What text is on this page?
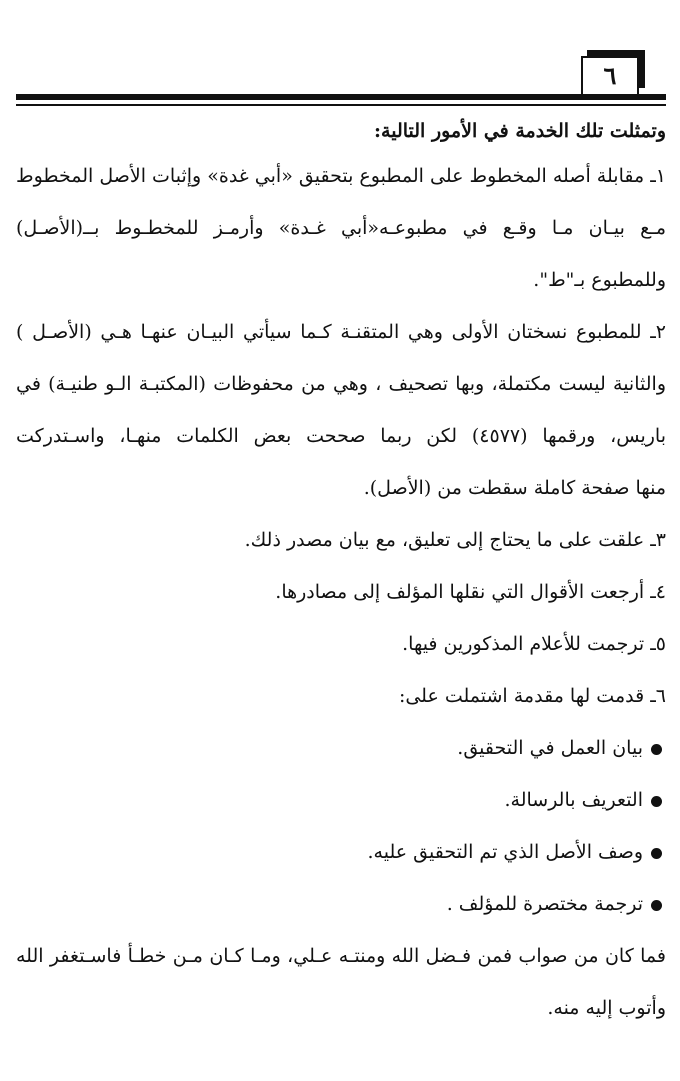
٦
وتمثلت تلك الخدمة في الأمور التالية:
١ـ مقابلة أصله المخطوط على المطبوع بتحقيق «أبي غدة» وإثبات الأصل المخطوط
مـع بيـان مـا وقـع في مطبوعـه«أبي غـدة» وأرمـز للمخطـوط بــ(الأصـل)
وللمطبوع بـ"ط".
٢ـ للمطبوع نسختان الأولى وهي المتقنـة كـما سيأتي البيـان عنهـا هـي (الأصـل )
والثانية ليست مكتملة، وبها تصحيف ، وهي من محفوظات (المكتبـة الـو طنيـة) في
باريس، ورقمها (٤٥٧٧) لكن ربما صححت بعض الكلمات منهـا، واسـتدركت
منها صفحة كاملة سقطت من (الأصل).
٣ـ علقت على ما يحتاج إلى تعليق، مع بيان مصدر ذلك.
٤ـ أرجعت الأقوال التي نقلها المؤلف إلى مصادرها.
٥ـ ترجمت للأعلام المذكورين فيها.
٦ـ قدمت لها مقدمة اشتملت على:
بيان العمل في التحقيق.
التعريف بالرسالة.
وصف الأصل الذي تم التحقيق عليه.
ترجمة مختصرة للمؤلف .
فما كان من صواب فمن فـضل الله ومنتـه عـلي، ومـا كـان مـن خطـأ فاسـتغفر الله
وأتوب إليه منه.
